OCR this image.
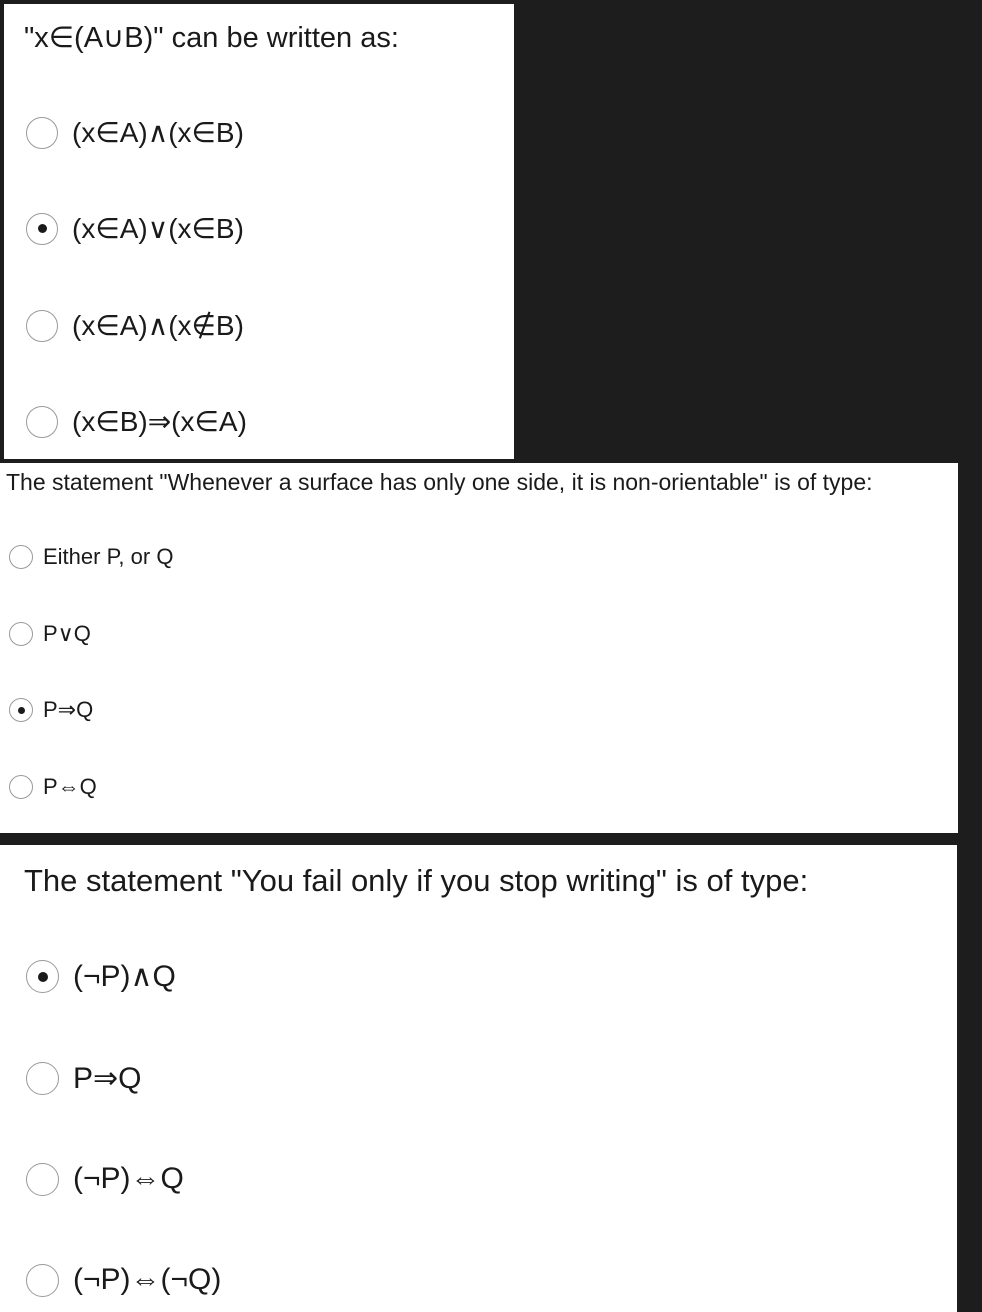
"x∈(A∪B)" can be written as:
(x∈A)∧(x∈B)
(x∈A)∨(x∈B)
(x∈A)∧(x∉B)
(x∈B)⇒(x∈A)
The statement "Whenever a surface has only one side, it is non-orientable" is of type:
Either P, or Q
P∨Q
P⇒Q
P⇔Q
The statement "You fail only if you stop writing" is of type:
(¬P)∧Q
P⇒Q
(¬P)⇔Q
(¬P)⇔(¬Q)
